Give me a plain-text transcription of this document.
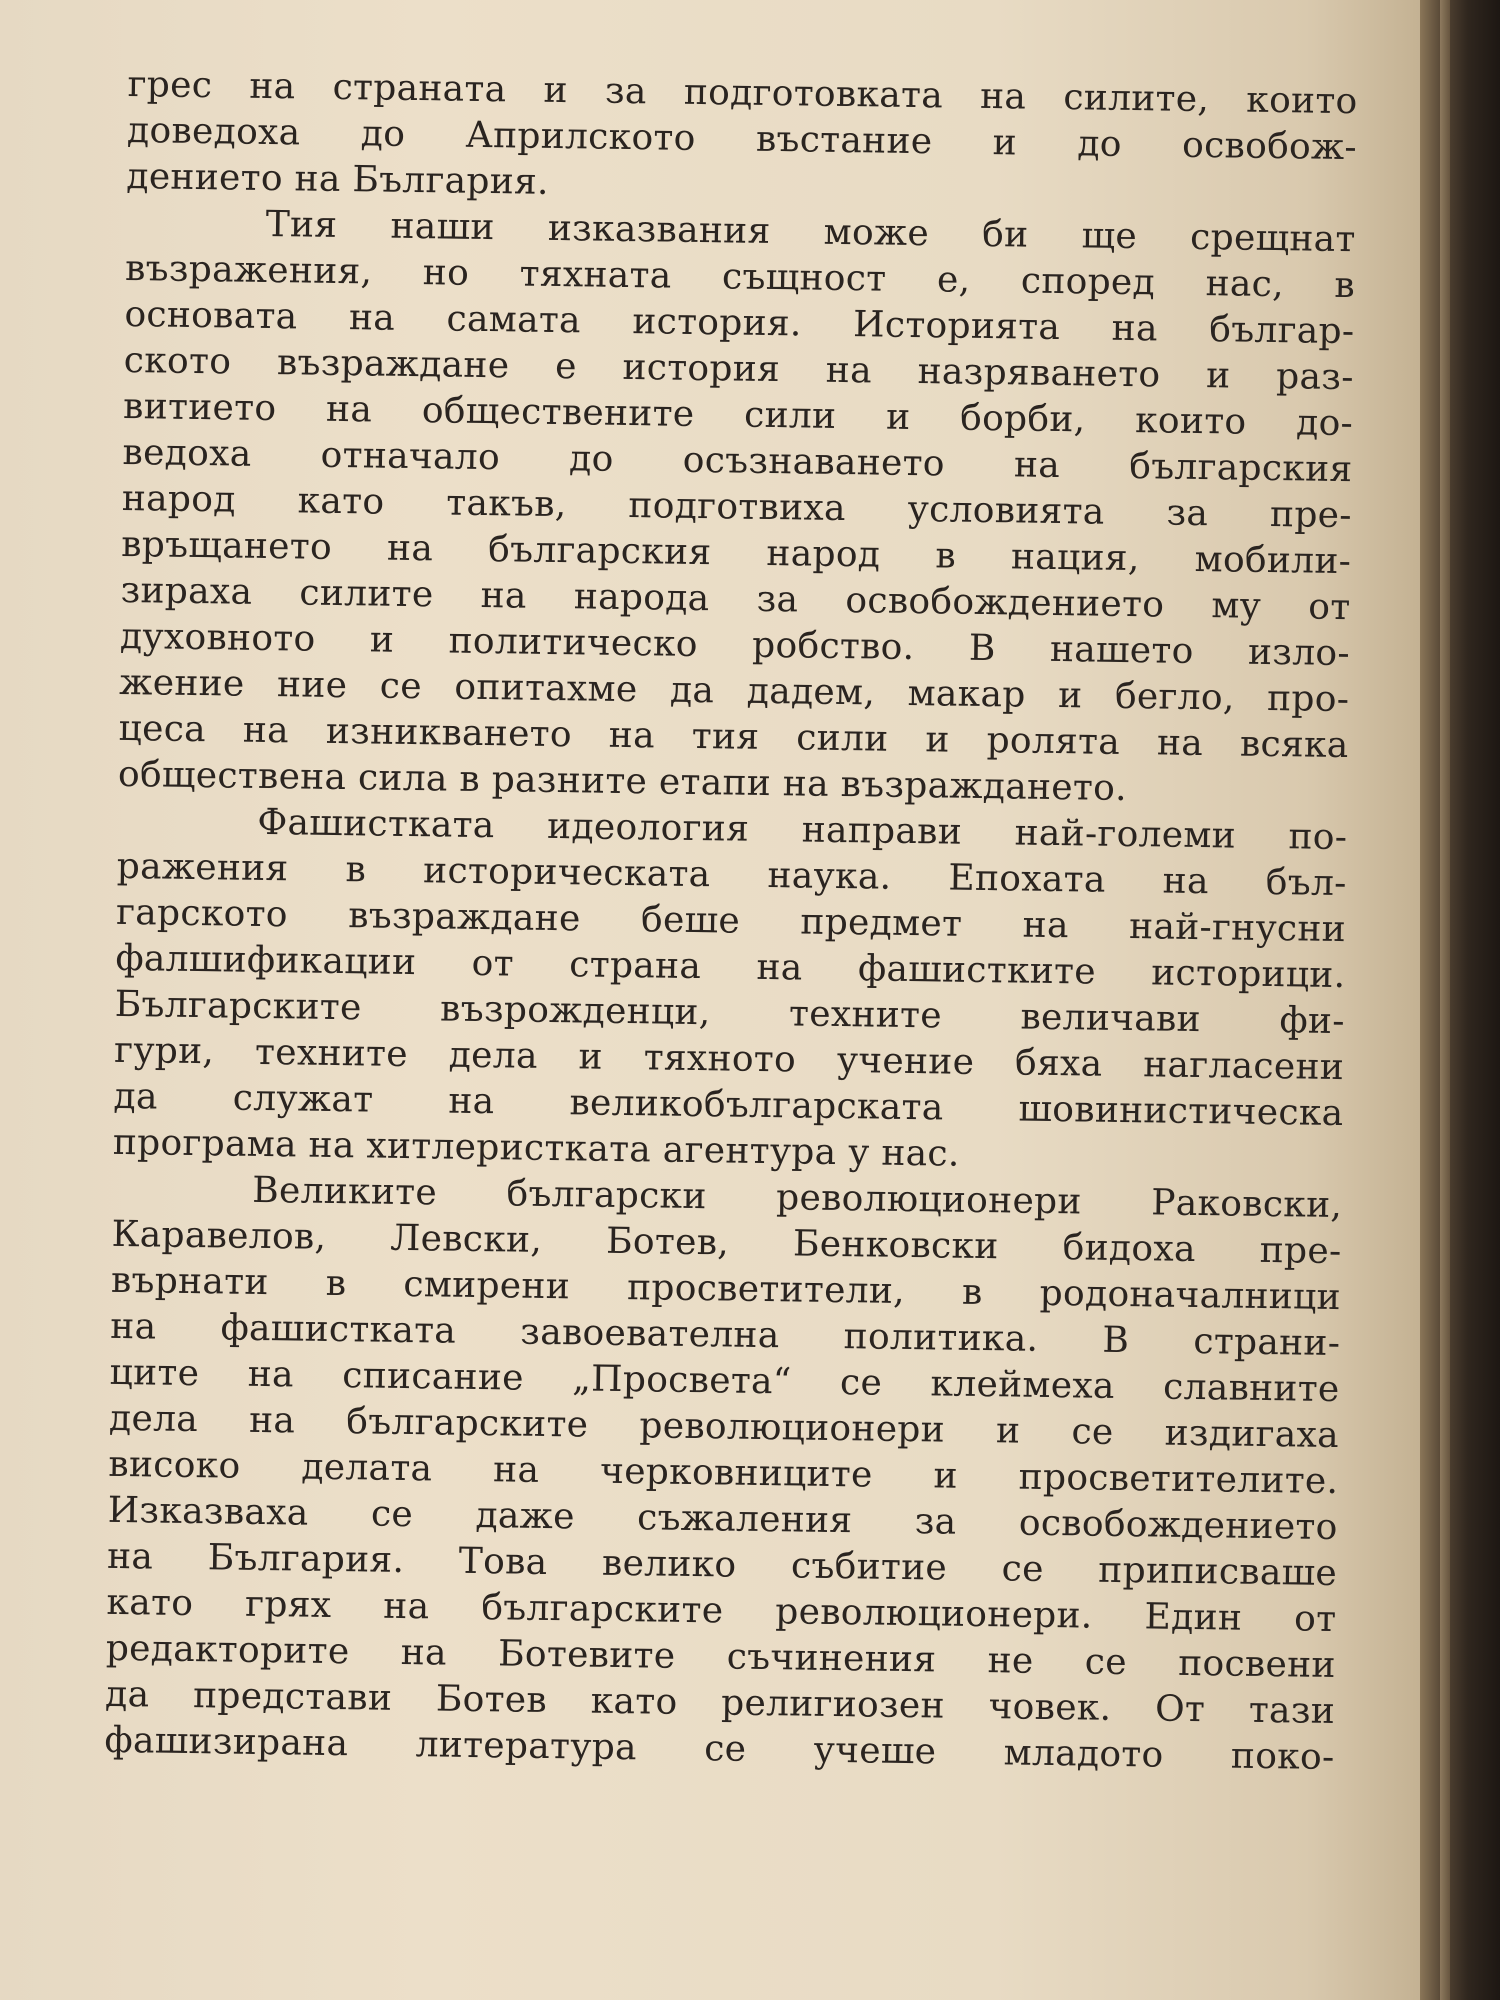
грес на страната и за подготовката на силите, които
доведоха до Априлското въстание и до освобож-
дението на България.
Тия наши изказвания може би ще срещнат
възражения, но тяхната същност е, според нас, в
основата на самата история. Историята на българ-
ското възраждане е история на назряването и раз-
витието на обществените сили и борби, които до-
ведоха отначало до осъзнаването на българския
народ като такъв, подготвиха условията за пре-
връщането на българския народ в нация, мобили-
зираха силите на народа за освобождението му от
духовното и политическо робство. В нашето изло-
жение ние се опитахме да дадем, макар и бегло, про-
цеса на изникването на тия сили и ролята на всяка
обществена сила в разните етапи на възраждането.
Фашистката идеология направи най-големи по-
ражения в историческата наука. Епохата на бъл-
гарското възраждане беше предмет на най-гнусни
фалшификации от страна на фашистките историци.
Българските възрожденци, техните величави фи-
гури, техните дела и тяхното учение бяха нагласени
да служат на великобългарската шовинистическа
програма на хитлеристката агентура у нас.
Великите български революционери Раковски,
Каравелов, Левски, Ботев, Бенковски бидоха пре-
върнати в смирени просветители, в родоначалници
на фашистката завоевателна политика. В страни-
ците на списание „Просвета“ се клеймеха славните
дела на българските революционери и се издигаха
високо делата на черковниците и просветителите.
Изказваха се даже съжаления за освобождението
на България. Това велико събитие се приписваше
като грях на българските революционери. Един от
редакторите на Ботевите съчинения не се посвени
да представи Ботев като религиозен човек. От тази
фашизирана литература се учеше младото поко-
